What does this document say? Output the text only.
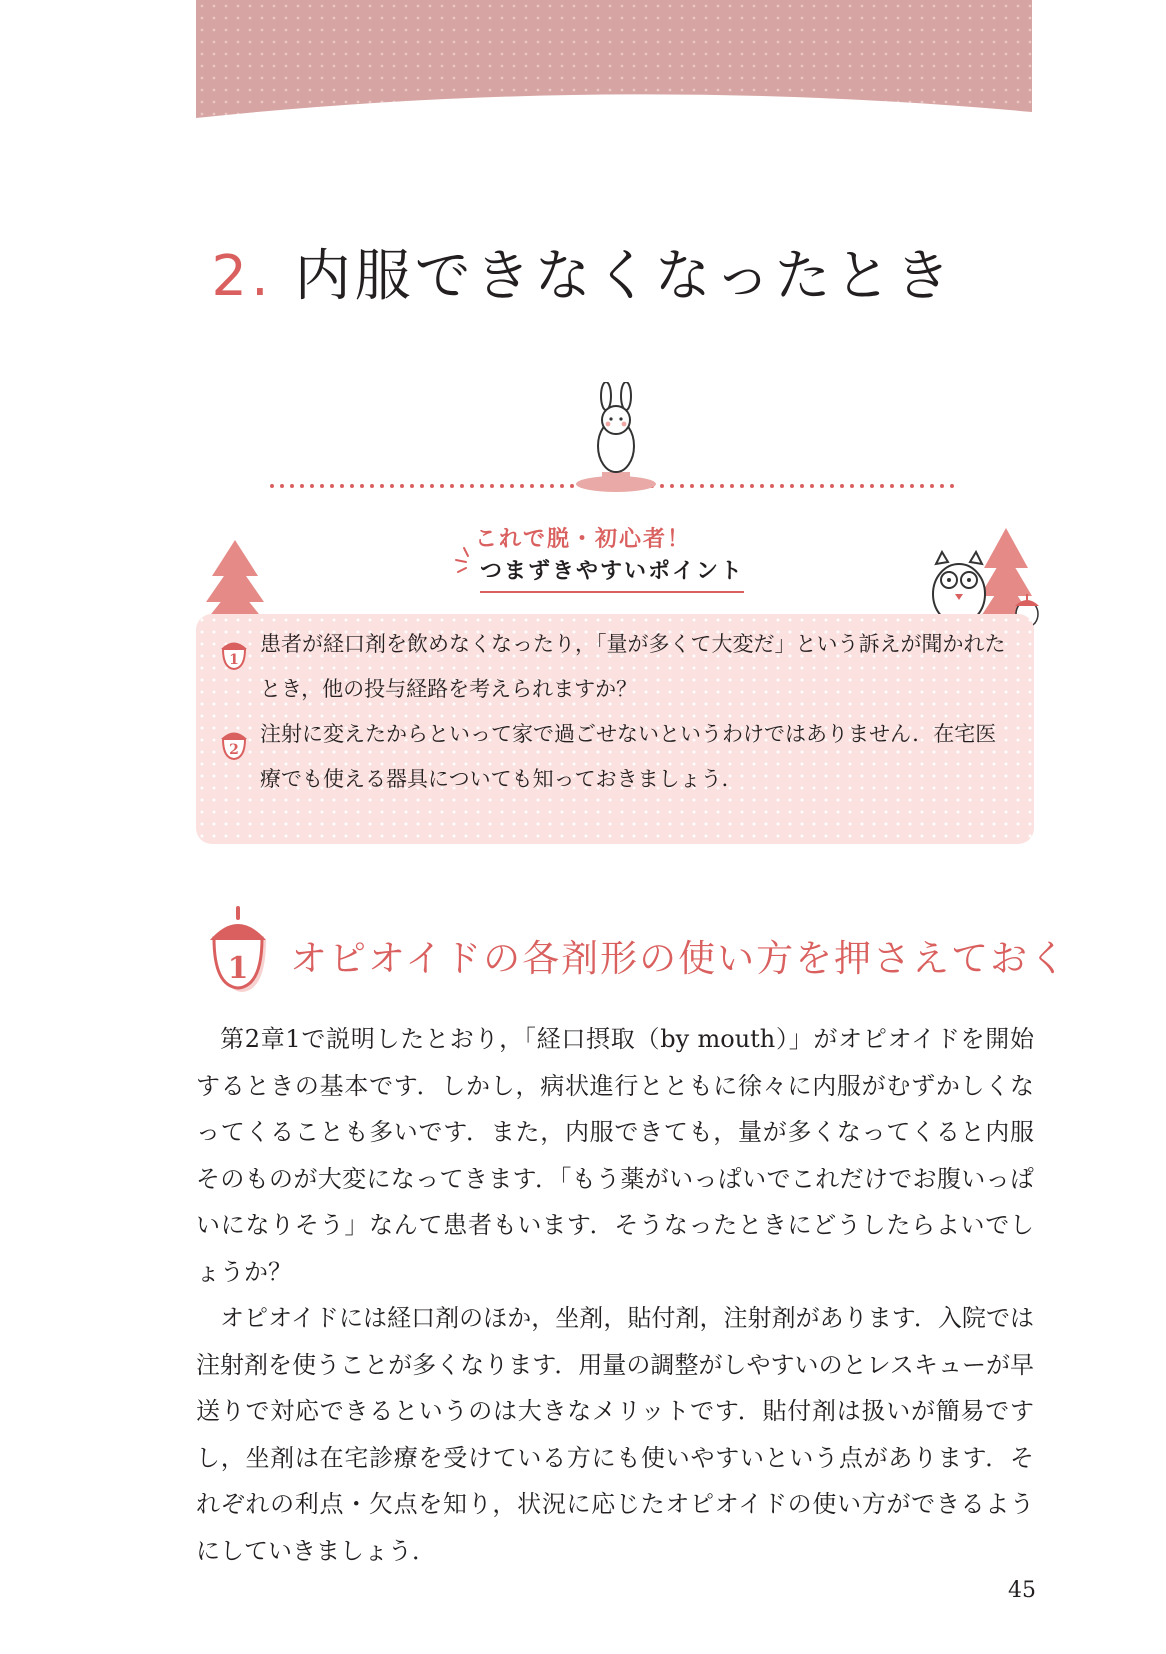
2. 内服できなくなったとき
これで脱・初心者！
つまずきやすいポイント
1
患者が経口剤を飲めなくなったり，「量が多くて大変だ」という訴えが聞かれたとき，他の投与経路を考えられますか？
2
注射に変えたからといって家で過ごせないというわけではありません．在宅医療でも使える器具についても知っておきましょう．
1 オピオイドの各剤形の使い方を押さえておく

第2章1で説明したとおり，「経口摂取（by mouth）」がオピオイドを開始するときの基本です．しかし，病状進行とともに徐々に内服がむずかしくなってくることも多いです．また，内服できても，量が多くなってくると内服そのものが大変になってきます．「もう薬がいっぱいでこれだけでお腹いっぱいになりそう」なんて患者もいます．そうなったときにどうしたらよいでしょうか？

オピオイドには経口剤のほか，坐剤，貼付剤，注射剤があります．入院では注射剤を使うことが多くなります．用量の調整がしやすいのとレスキューが早送りで対応できるというのは大きなメリットです．貼付剤は扱いが簡易ですし，坐剤は在宅診療を受けている方にも使いやすいという点があります．それぞれの利点・欠点を知り，状況に応じたオピオイドの使い方ができるようにしていきましょう．

45
